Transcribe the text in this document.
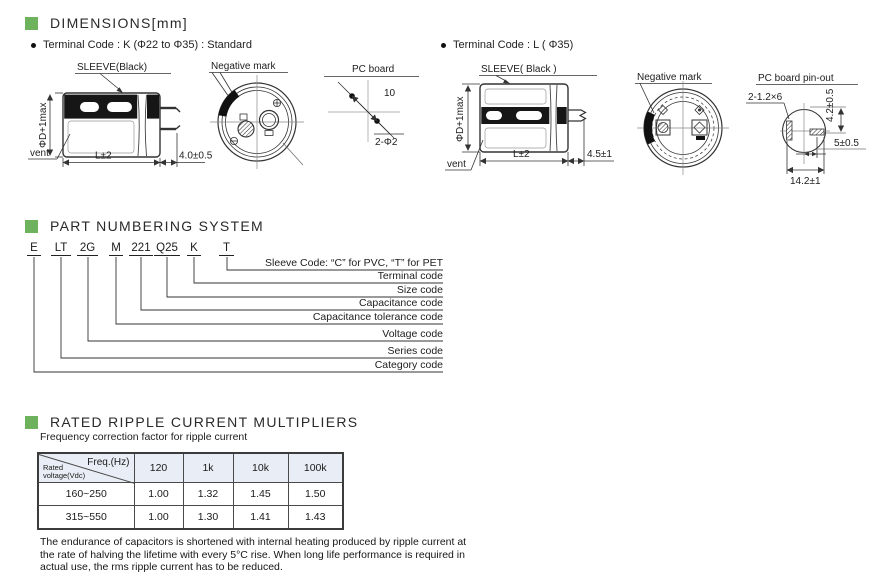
DIMENSIONS[mm]
Terminal Code : K (Φ22 to Φ35) : Standard	Terminal Code : L ( Φ35)
SLEEVE(Black)
ΦD+1max
vent	L±2	4.0±0.5
Negative mark	PC board
10
2-Φ2
SLEEVE( Black )
ΦD+1max
vent
L±2	4.5±1
Negative mark	PC board pin-out
2-1.2×6	4.2±0.5
5±0.5
14.2±1
PART NUMBERING SYSTEM
E	LT	2G M 221 Q25 K	T
Sleeve Code: “C” for PVC, “T” for PET
Terminal code
Size code
Capacitance code
Capacitance tolerance code
Voltage code
Series code
Category code
RATED RIPPLE CURRENT MULTIPLIERS
Frequency correction factor for ripple current
Freq.(Hz)
Rated
voltage(Vdc)	120	1k	10k	100k
160~250	1.00	1.32	1.45	1.50
315~550	1.00	1.30	1.41	1.43
The endurance of capacitors is shortened with internal heating produced by ripple current at the rate of halving the lifetime with every 5°C rise. When long life performance is required in actual use, the rms ripple current has to be reduced.
